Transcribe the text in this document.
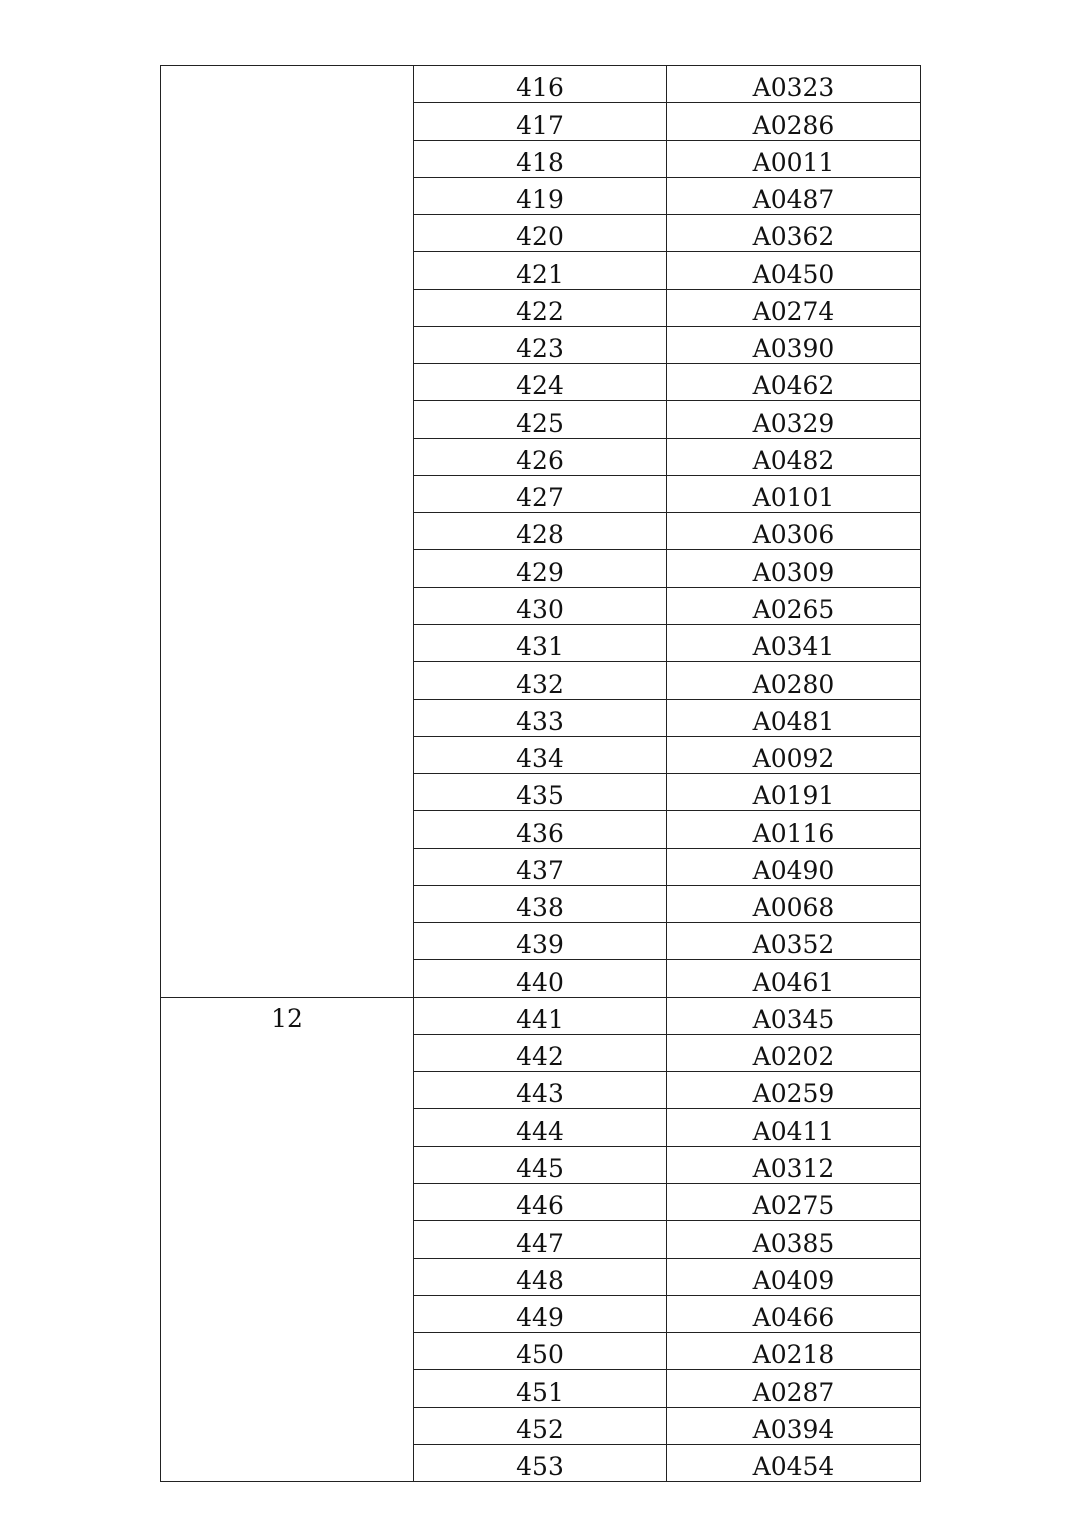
	416	A0323
	417	A0286
	418	A0011
	419	A0487
	420	A0362
	421	A0450
	422	A0274
	423	A0390
	424	A0462
	425	A0329
	426	A0482
	427	A0101
	428	A0306
	429	A0309
	430	A0265
	431	A0341
	432	A0280
	433	A0481
	434	A0092
	435	A0191
	436	A0116
	437	A0490
	438	A0068
	439	A0352
	440	A0461

12	441	A0345
	442	A0202
	443	A0259
	444	A0411
	445	A0312
	446	A0275
	447	A0385
	448	A0409
	449	A0466
	450	A0218
	451	A0287
	452	A0394
	453	A0454
